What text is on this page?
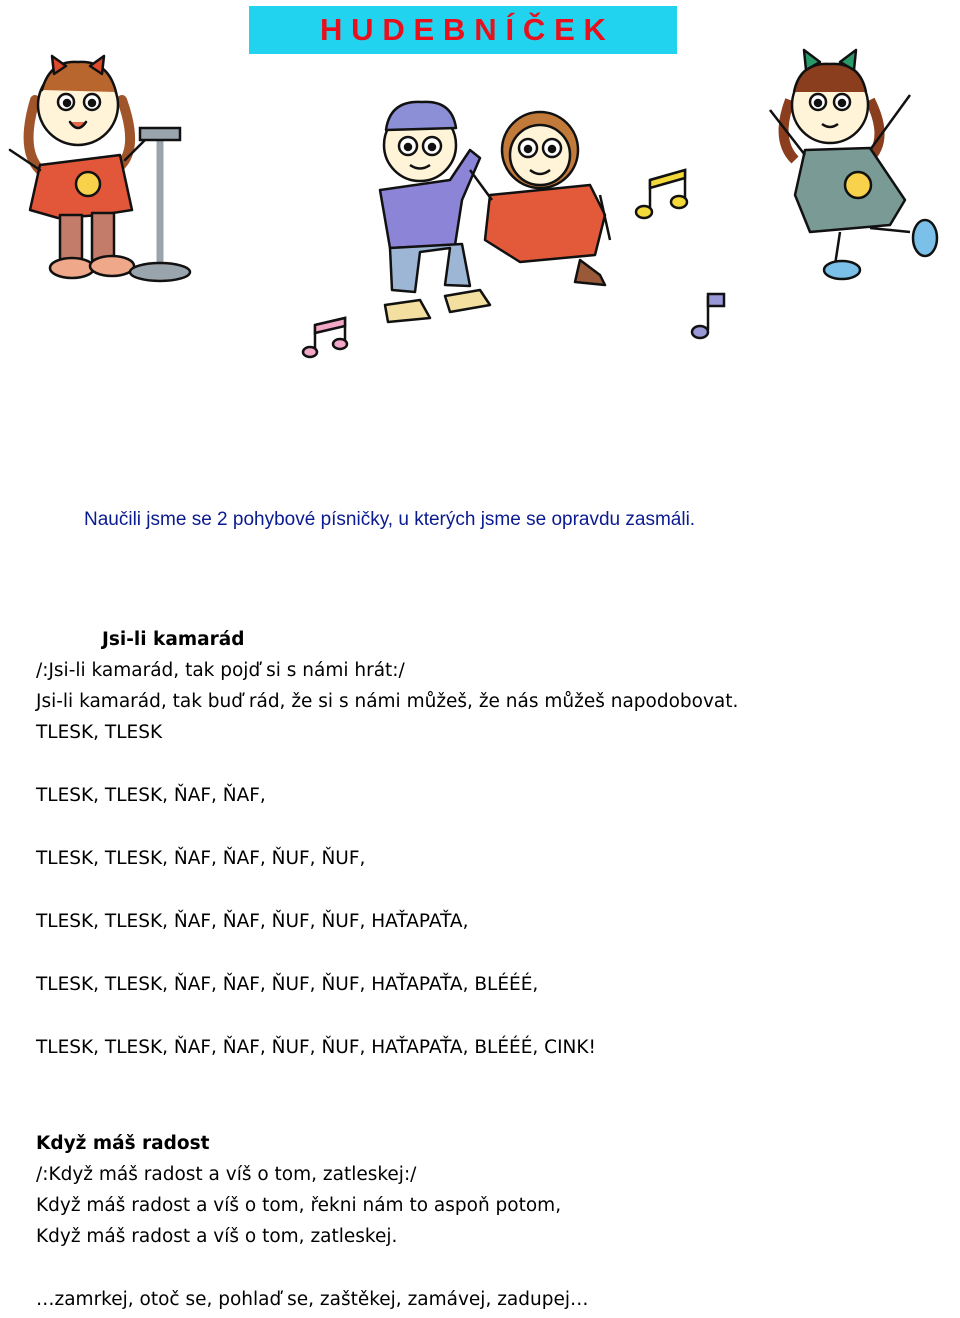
H U D E B N Í Č E K
Naučili jsme se 2 pohybové písničky, u kterých jsme se opravdu zasmáli.
Jsi-li kamarád
/:Jsi-li kamarád, tak pojď si s námi hrát:/
Jsi-li kamarád, tak buď rád, že si s námi můžeš, že nás můžeš napodobovat.
TLESK, TLESK
TLESK, TLESK, ŇAF, ŇAF,
TLESK, TLESK, ŇAF, ŇAF, ŇUF, ŇUF,
TLESK, TLESK, ŇAF, ŇAF, ŇUF, ŇUF, HAŤAPAŤA,
TLESK, TLESK, ŇAF, ŇAF, ŇUF, ŇUF, HAŤAPAŤA, BLÉÉÉ,
TLESK, TLESK, ŇAF, ŇAF, ŇUF, ŇUF, HAŤAPAŤA, BLÉÉÉ, CINK!
Když máš radost
/:Když máš radost a víš o tom, zatleskej:/
Když máš radost a víš o tom, řekni nám to aspoň potom,
Když máš radost a víš o tom, zatleskej.
…zamrkej, otoč se, pohlaď se, zaštěkej, zamávej, zadupej…
